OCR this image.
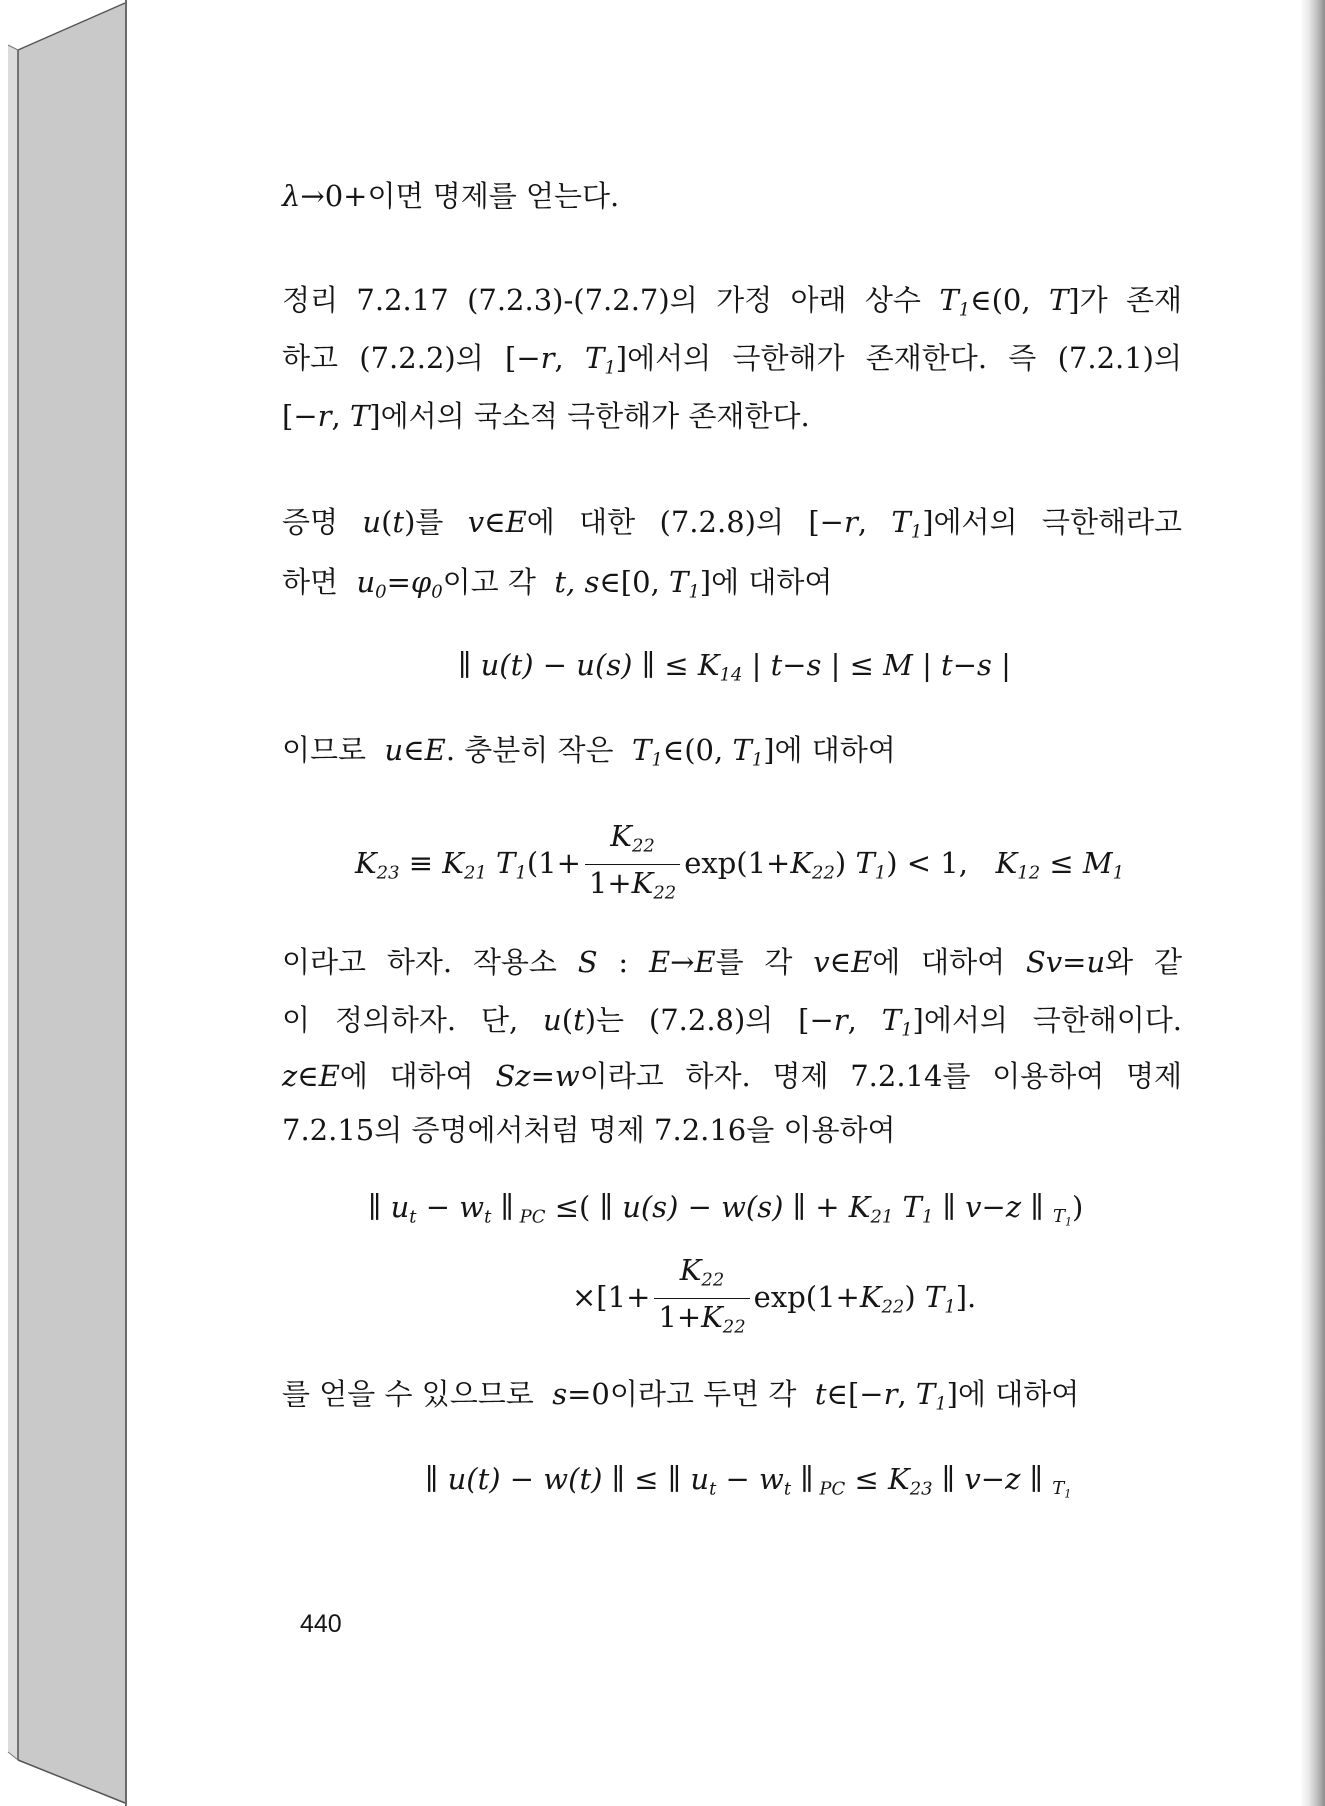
λ→0+이면 명제를 얻는다.
정리 7.2.17 (7.2.3)-(7.2.7)의 가정 아래 상수 $T_1\in(0$, T]가 존재
하고 (7.2.2)의 [−r, $T_1$]에서의 극한해가 존재한다. 즉 (7.2.1)의
[−r, T]에서의 국소적 극한해가 존재한다.
증명 u(t)를 v∈E에 대한 (7.2.8)의 [−r, $T_1$]에서의 극한해라고
하면 $u_0=\varphi_0$이고 각 t, s∈[0, $T_1$]에 대하여
∥ u(t) − u(s) ∥ ≤ $K_{14}$ | t−s | ≤ M | t−s |
이므로 u∈E. 충분히 작은 $T_1\in(0$, $T_1$]에 대하여
$K_{23} \equiv K_{21}$ $T_1(1+ \frac{K_{22}}{1+K_{22}} \exp(1+K_{22}) T_1) < 1$,   $K_{12} \le M_1$
이라고 하자. 작용소 S : E→E를 각 v∈E에 대하여 Sv=u와 같
이 정의하자. 단, u(t)는 (7.2.8)의 [−r, $T_1$]에서의 극한해이다.
z∈E에 대하여 Sz=w이라고 하자. 명제 7.2.14를 이용하여 명제
7.2.15의 증명에서처럼 명제 7.2.16을 이용하여
∥ $u_t - w_t$ ∥ $_{PC}$ ≤( ∥ u(s) − w(s) ∥ + $K_{21}$ $T_1$ ∥ v−z ∥ $_{T_1}$)
$\times[1+ \frac{K_{22}}{1+K_{22}} \exp(1+K_{22})$ $T_1$].
를 얻을 수 있으므로 s=0이라고 두면 각 t∈[−r, $T_1$]에 대하여
∥ u(t) − w(t) ∥ ≤ ∥ $u_t - w_t$ ∥ $_{PC} \le K_{23}$ ∥ v−z ∥ $_{T_1}$
440
